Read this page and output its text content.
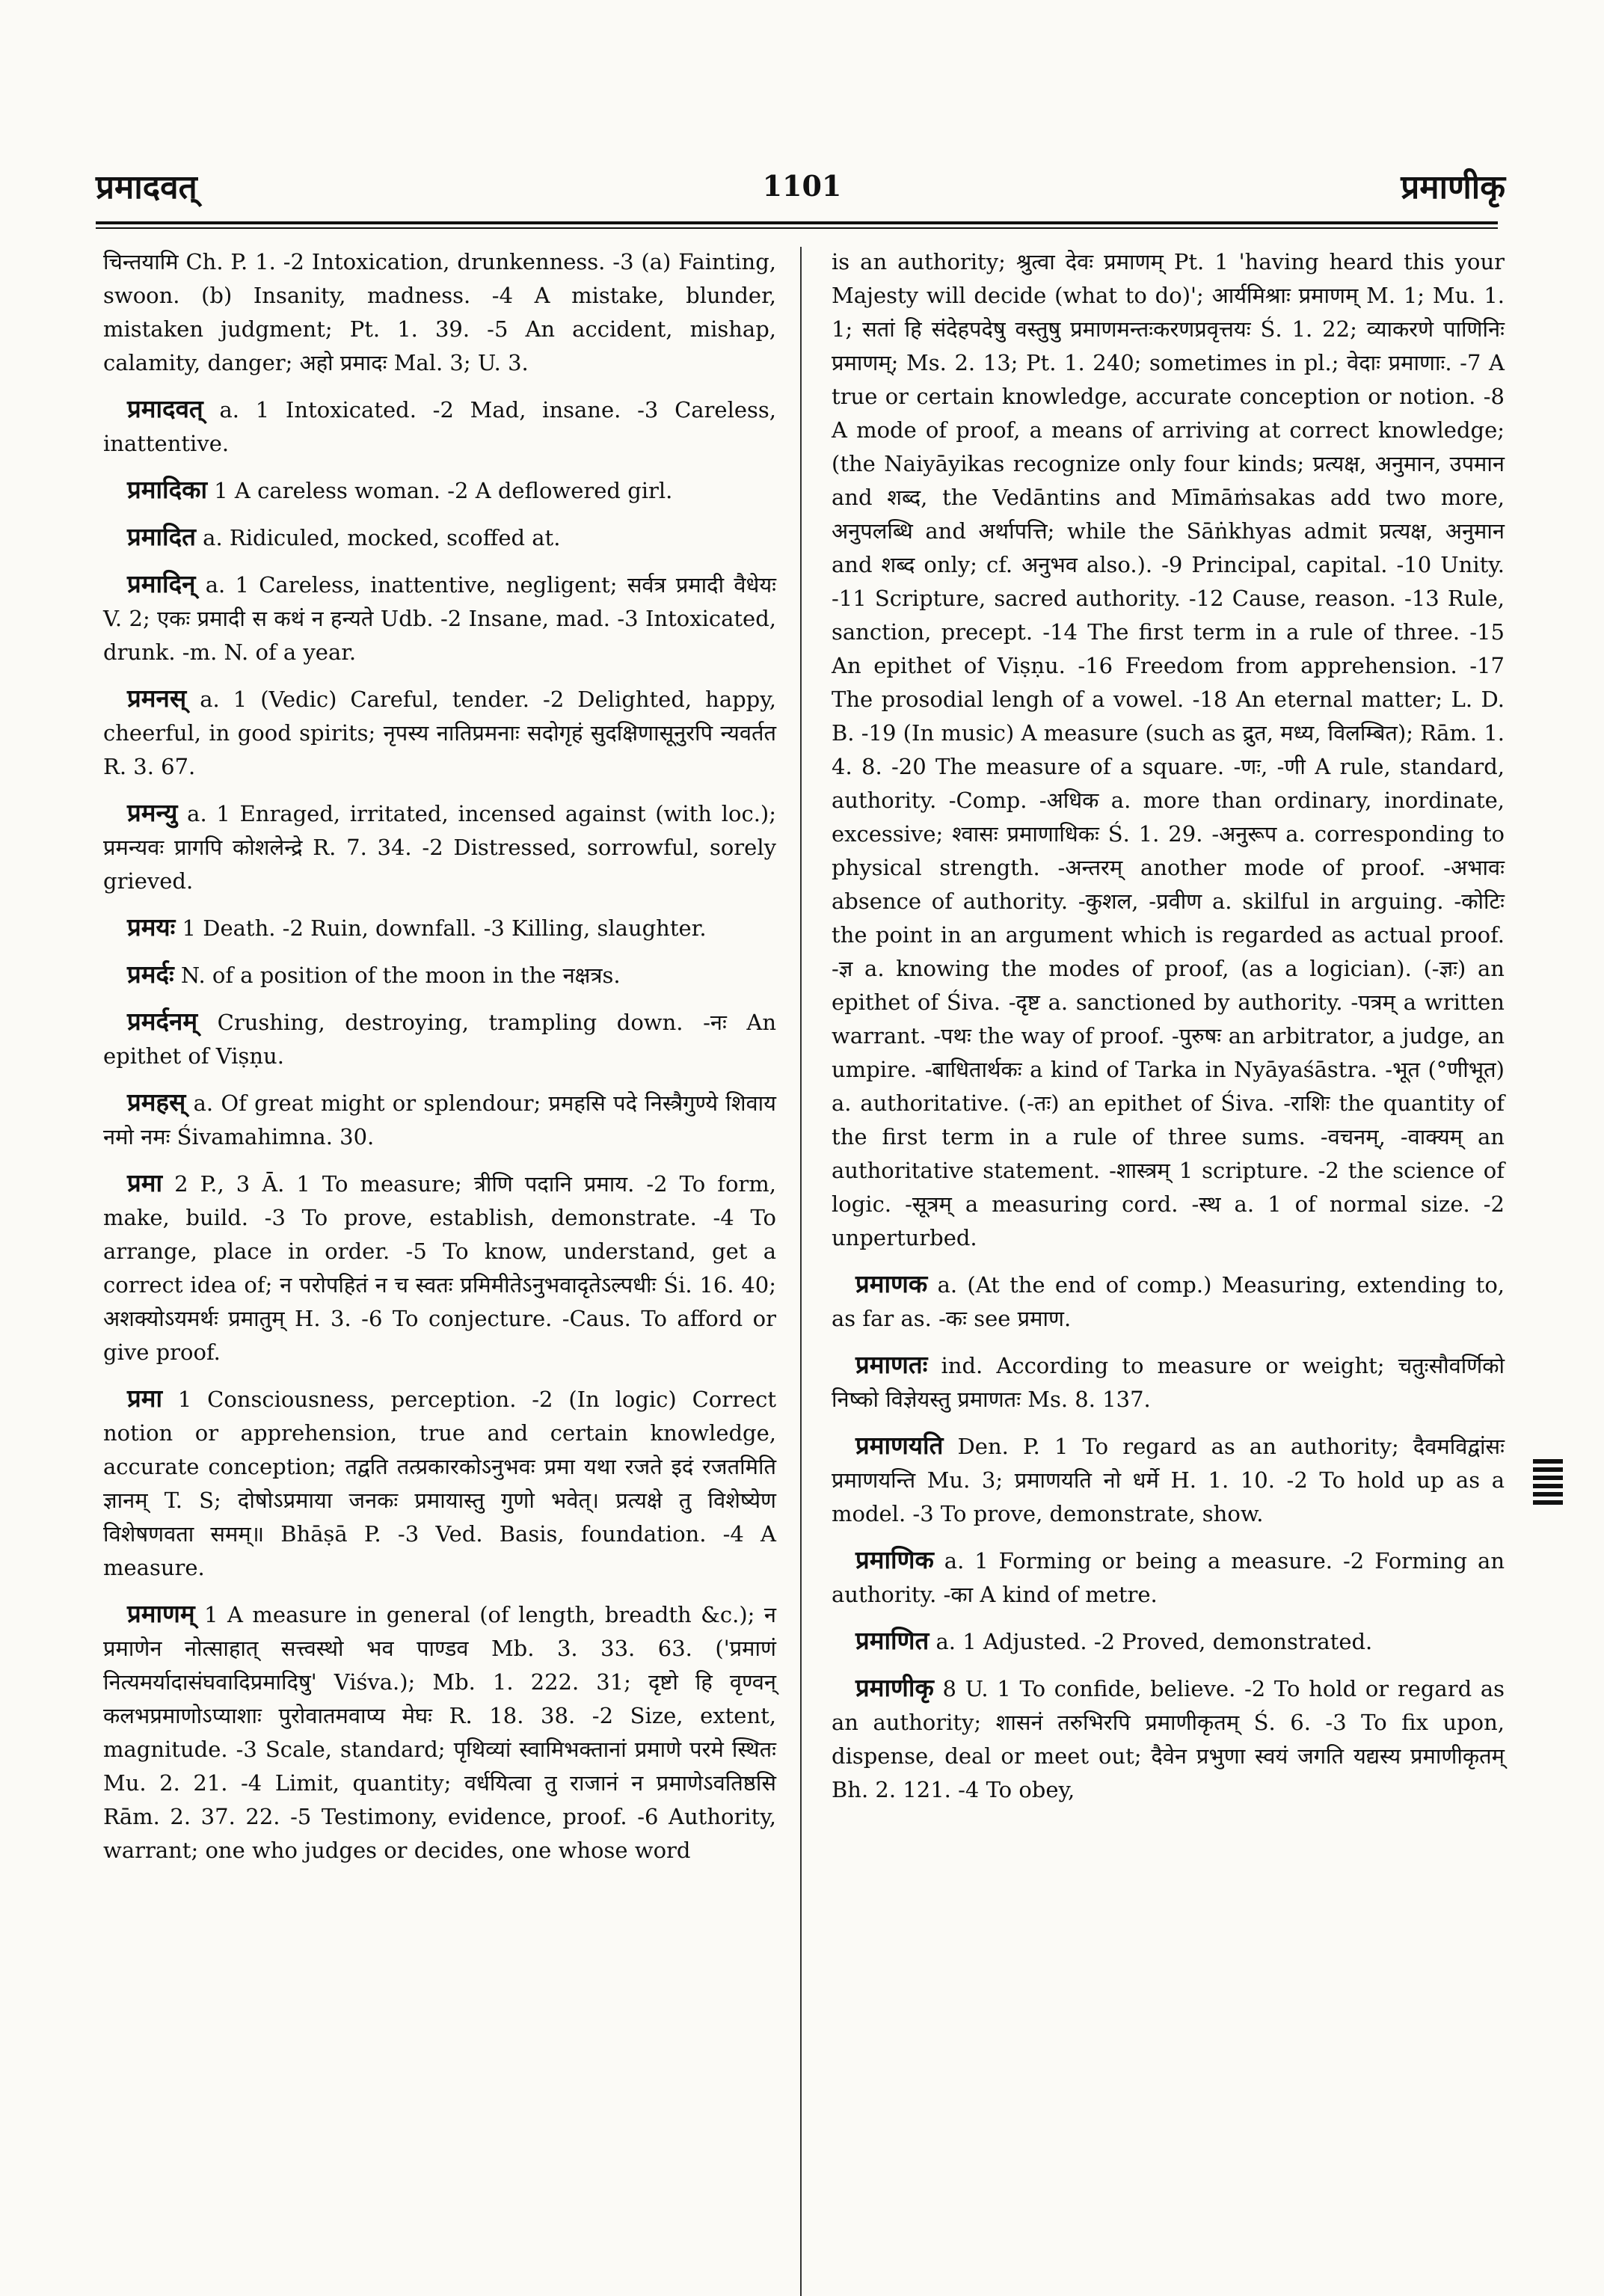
प्रमादवत्	1101	प्रमाणीकृ

चिन्तयामि Ch. P. 1. -2 Intoxication, drunkenness. -3 (a) Fainting, swoon. (b) Insanity, madness. -4 A mistake, blunder, mistaken judgment; Pt. 1. 39. -5 An accident, mishap, calamity, danger; अहो प्रमादः Mal. 3; U. 3.

प्रमादवत् a. 1 Intoxicated. -2 Mad, insane. -3 Careless, inattentive.

प्रमादिका 1 A careless woman. -2 A deflowered girl.

प्रमादित a. Ridiculed, mocked, scoffed at.

प्रमादिन् a. 1 Careless, inattentive, negligent; सर्वत्र प्रमादी वैधेयः V. 2; एकः प्रमादी स कथं न हन्यते Udb. -2 Insane, mad. -3 Intoxicated, drunk. -m. N. of a year.

प्रमनस् a. 1 (Vedic) Careful, tender. -2 Delighted, happy, cheerful, in good spirits; नृपस्य नातिप्रमनाः सदोगृहं सुदक्षिणासूनुरपि न्यवर्तत R. 3. 67.

प्रमन्यु a. 1 Enraged, irritated, incensed against (with loc.); प्रमन्यवः प्रागपि कोशलेन्द्रे R. 7. 34. -2 Distressed, sorrowful, sorely grieved.

प्रमयः 1 Death. -2 Ruin, downfall. -3 Killing, slaughter.

प्रमर्दः N. of a position of the moon in the नक्षत्रs.

प्रमर्दनम् Crushing, destroying, trampling down. -नः An epithet of Viṣṇu.

प्रमहस् a. Of great might or splendour; प्रमहसि पदे निस्त्रैगुण्ये शिवाय नमो नमः Śivamahimna. 30.

प्रमा 2 P., 3 Ā. 1 To measure; त्रीणि पदानि प्रमाय. -2 To form, make, build. -3 To prove, establish, demonstrate. -4 To arrange, place in order. -5 To know, understand, get a correct idea of; न परोपहितं न च स्वतः प्रमिमीतेऽनुभवादृतेऽल्पधीः Śi. 16. 40; अशक्योऽयमर्थः प्रमातुम् H. 3. -6 To conjecture. -Caus. To afford or give proof.

प्रमा 1 Consciousness, perception. -2 (In logic) Correct notion or apprehension, true and certain knowledge, accurate conception; तद्वति तत्प्रकारकोऽनुभवः प्रमा यथा रजते इदं रजतमिति ज्ञानम् T. S; दोषोऽप्रमाया जनकः प्रमायास्तु गुणो भवेत्। प्रत्यक्षे तु विशेष्येण विशेषणवता समम्॥ Bhāṣā P. -3 Ved. Basis, foundation. -4 A measure.

प्रमाणम् 1 A measure in general (of length, breadth &c.); न प्रमाणेन नोत्साहात् सत्त्वस्थो भव पाण्डव Mb. 3. 33. 63. ('प्रमाणं नित्यमर्यादासंघवादिप्रमादिषु' Viśva.); Mb. 1. 222. 31; दृष्टो हि वृण्वन् कलभप्रमाणोऽप्याशाः पुरोवातमवाप्य मेघः R. 18. 38. -2 Size, extent, magnitude. -3 Scale, standard; पृथिव्यां स्वामिभक्तानां प्रमाणे परमे स्थितः Mu. 2. 21. -4 Limit, quantity; वर्धयित्वा तु राजानं न प्रमाणेऽवतिष्ठसि Rām. 2. 37. 22. -5 Testimony, evidence, proof. -6 Authority, warrant; one who judges or decides, one whose word

is an authority; श्रुत्वा देवः प्रमाणम् Pt. 1 'having heard this your Majesty will decide (what to do)'; आर्यमिश्राः प्रमाणम् M. 1; Mu. 1. 1; सतां हि संदेहपदेषु वस्तुषु प्रमाणमन्तःकरणप्रवृत्तयः Ś. 1. 22; व्याकरणे पाणिनिः प्रमाणम्; Ms. 2. 13; Pt. 1. 240; sometimes in pl.; वेदाः प्रमाणाः. -7 A true or certain knowledge, accurate conception or notion. -8 A mode of proof, a means of arriving at correct knowledge; (the Naiyāyikas recognize only four kinds; प्रत्यक्ष, अनुमान, उपमान and शब्द, the Vedāntins and Mīmāṁsakas add two more, अनुपलब्धि and अर्थापत्ति; while the Sāṅkhyas admit प्रत्यक्ष, अनुमान and शब्द only; cf. अनुभव also.). -9 Principal, capital. -10 Unity. -11 Scripture, sacred authority. -12 Cause, reason. -13 Rule, sanction, precept. -14 The first term in a rule of three. -15 An epithet of Viṣṇu. -16 Freedom from apprehension. -17 The prosodial lengh of a vowel. -18 An eternal matter; L. D. B. -19 (In music) A measure (such as द्रुत, मध्य, विलम्बित); Rām. 1. 4. 8. -20 The measure of a square. -णः, -णी A rule, standard, authority. -Comp. -अधिक a. more than ordinary, inordinate, excessive; श्वासः प्रमाणाधिकः Ś. 1. 29. -अनुरूप a. corresponding to physical strength. -अन्तरम् another mode of proof. -अभावः absence of authority. -कुशल, -प्रवीण a. skilful in arguing. -कोटिः the point in an argument which is regarded as actual proof. -ज्ञ a. knowing the modes of proof, (as a logician). (-ज्ञः) an epithet of Śiva. -दृष्ट a. sanctioned by authority. -पत्रम् a written warrant. -पथः the way of proof. -पुरुषः an arbitrator, a judge, an umpire. -बाधितार्थकः a kind of Tarka in Nyāyaśāstra. -भूत (°णीभूत) a. authoritative. (-तः) an epithet of Śiva. -राशिः the quantity of the first term in a rule of three sums. -वचनम्, -वाक्यम् an authoritative statement. -शास्त्रम् 1 scripture. -2 the science of logic. -सूत्रम् a measuring cord. -स्थ a. 1 of normal size. -2 unperturbed.

प्रमाणक a. (At the end of comp.) Measuring, extending to, as far as. -कः see प्रमाण.

प्रमाणतः ind. According to measure or weight; चतुःसौवर्णिको निष्को विज्ञेयस्तु प्रमाणतः Ms. 8. 137.

प्रमाणयति Den. P. 1 To regard as an authority; दैवमविद्वांसः प्रमाणयन्ति Mu. 3; प्रमाणयति नो धर्मे H. 1. 10. -2 To hold up as a model. -3 To prove, demonstrate, show.

प्रमाणिक a. 1 Forming or being a measure. -2 Forming an authority. -का A kind of metre.

प्रमाणित a. 1 Adjusted. -2 Proved, demonstrated.

प्रमाणीकृ 8 U. 1 To confide, believe. -2 To hold or regard as an authority; शासनं तरुभिरपि प्रमाणीकृतम् Ś. 6. -3 To fix upon, dispense, deal or meet out; दैवेन प्रभुणा स्वयं जगति यद्यस्य प्रमाणीकृतम् Bh. 2. 121. -4 To obey,
